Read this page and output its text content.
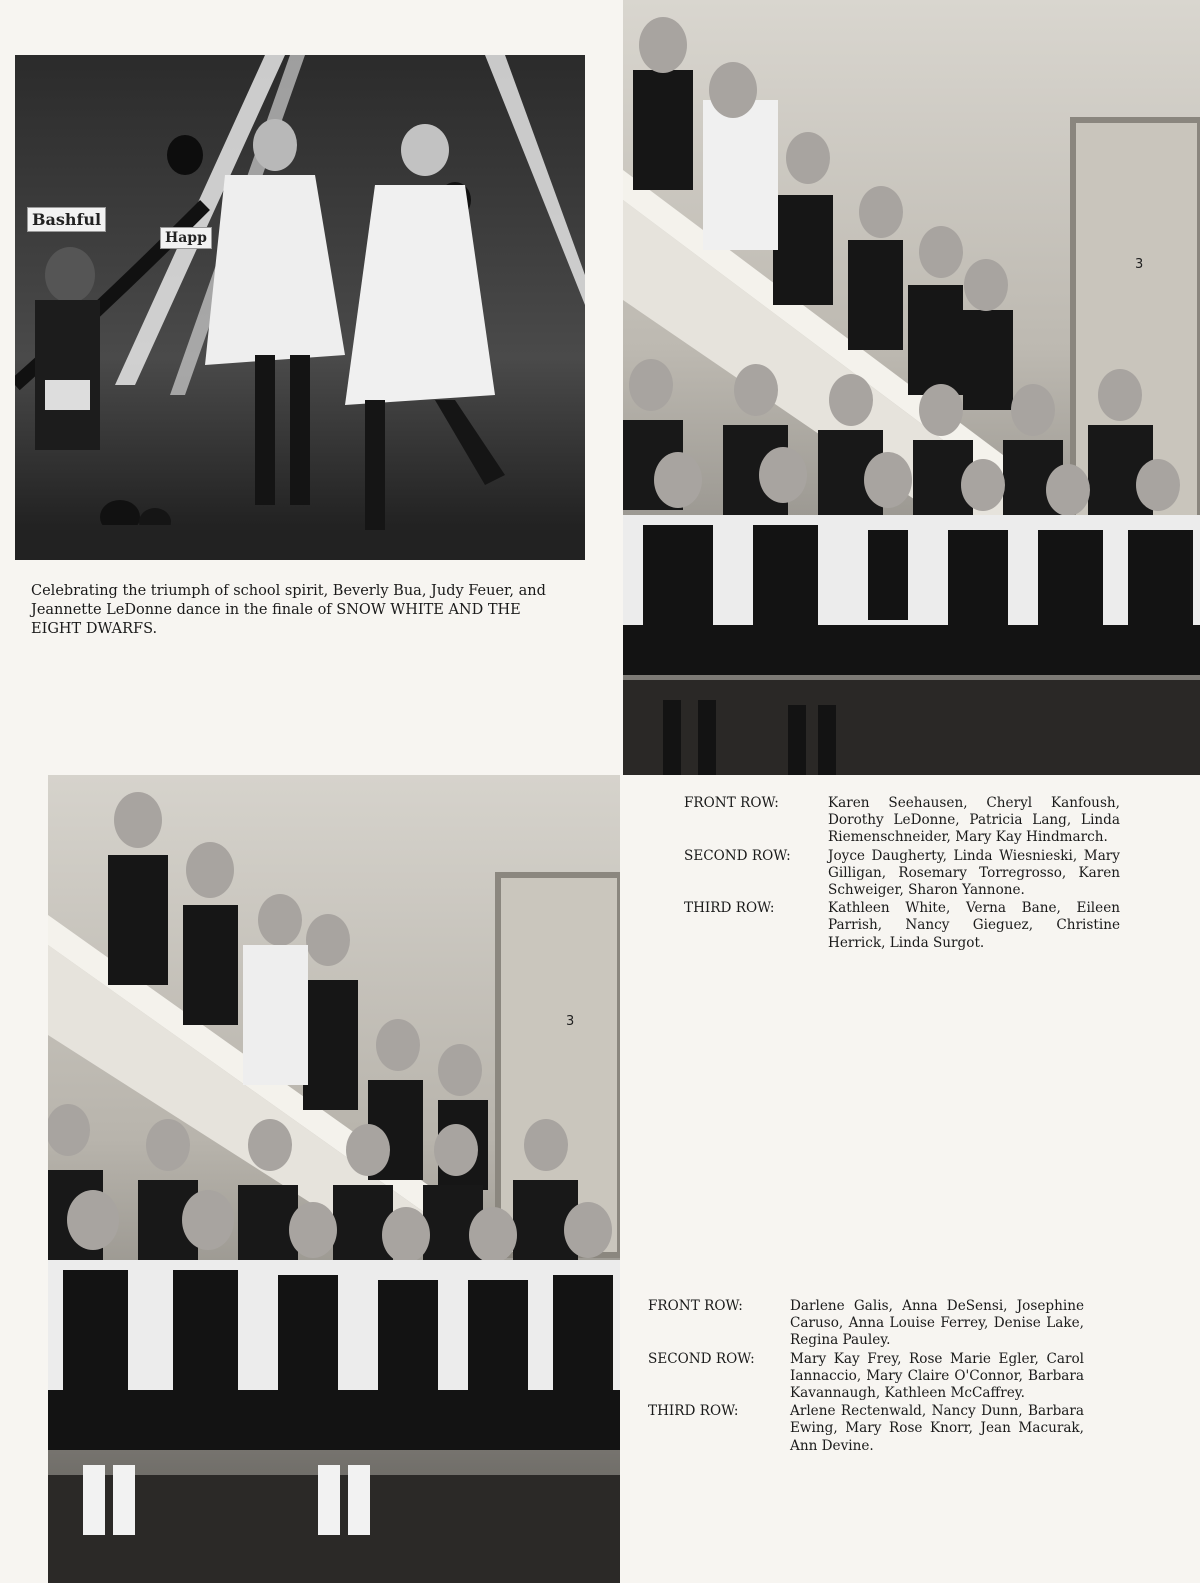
Bashful
Happ
Celebrating the triumph of school spirit, Beverly Bua, Judy Feuer, and Jeannette LeDonne dance in the finale of SNOW WHITE AND THE EIGHT DWARFS.
3
3
FRONT ROW:	Karen Seehausen, Cheryl Kanfoush, Dorothy LeDonne, Patricia Lang, Linda Riemenschneider, Mary Kay Hindmarch.
SECOND ROW:	Joyce Daugherty, Linda Wiesnieski, Mary Gilligan, Rosemary Torregrosso, Karen Schweiger, Sharon Yannone.
THIRD ROW:	Kathleen White, Verna Bane, Eileen Parrish, Nancy Gieguez, Christine Herrick, Linda Surgot.
FRONT ROW:	Darlene Galis, Anna DeSensi, Josephine Caruso, Anna Louise Ferrey, Denise Lake, Regina Pauley.
SECOND ROW:	Mary Kay Frey, Rose Marie Egler, Carol Iannaccio, Mary Claire O'Connor, Barbara Kavannaugh, Kathleen McCaffrey.
THIRD ROW:	Arlene Rectenwald, Nancy Dunn, Barbara Ewing, Mary Rose Knorr, Jean Macurak, Ann Devine.
